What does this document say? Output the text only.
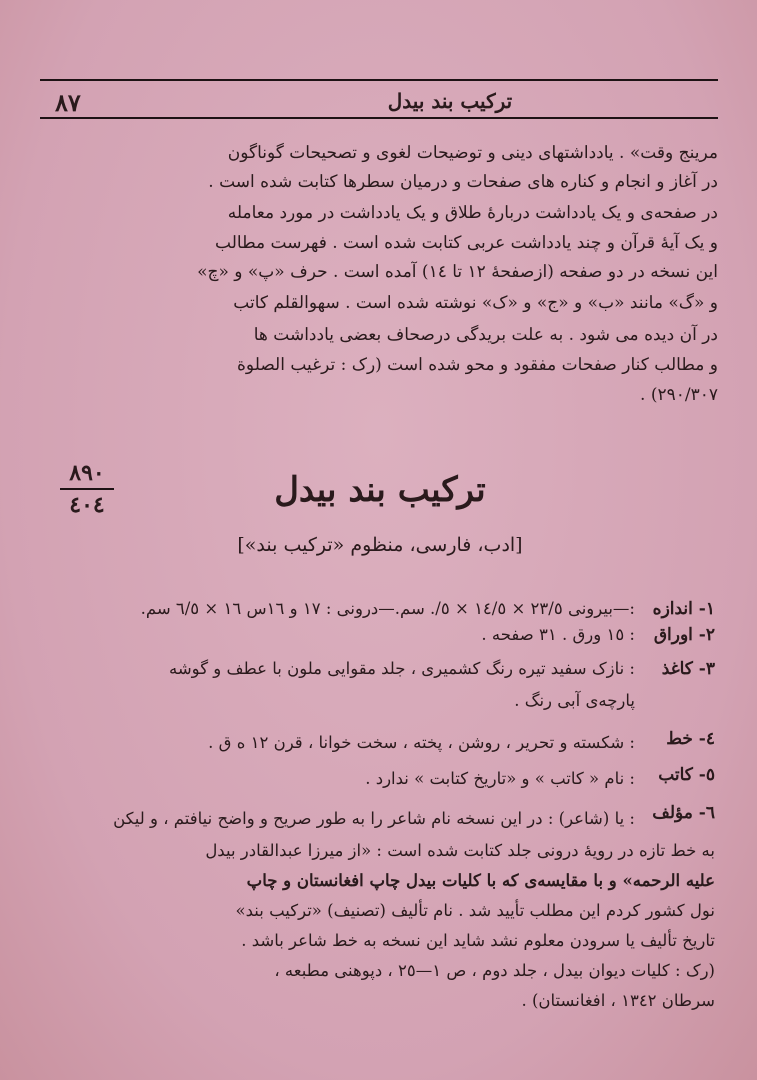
۸۷	ترکیب بند بیدل
مرینج وقت» . یادداشتهای دینی و توضیحات لغوی و تصحیحات گوناگون
در آغاز و انجام و کناره های صفحات و درمیان سطرها کتابت شده است .
در صفحه‌ی و یک یادداشت دربارهٔ طلاق و یک یادداشت در مورد معامله
و یک آیهٔ قرآن و چند یادداشت عربی کتابت شده است . فهرست مطالب
این نسخه در دو صفحه (ازصفحهٔ ۱۲ تا ۱٤) آمده است . حرف «پ» و «چ»
و «گ» مانند «ب» و «ج» و «ک» نوشته شده است . سهوالقلم کاتب
در آن دیده می شود . به علت بریدگی درصحاف بعضی یادداشت ها
و مطالب کنار صفحات مفقود و محو شده است (رک : ترغیب الصلوة
۲۹۰/۳۰۷) .
۸۹۰
٤٠٤	ترکیب بند بیدل
[ادب، فارسی، منظوم «ترکیب بند»]
۱- اندازه
:—بیرونی ۲۳/٥ × ١٤/٥ × ٥/. سم.—درونی : ۱۷ و ۱٦س ۱٦ × ٦/٥ سم.
۲- اوراق
: ۱٥ ورق . ۳۱ صفحه .
۳- کاغذ
: نازک سفید تیره رنگ کشمیری ، جلد مقوایی ملون با عطف و گوشه
پارچه‌ی آبی رنگ .
٤- خط
: شکسته و تحریر ، روشن ، پخته ، سخت خوانا ، قرن ۱۲ ه ق .
٥- کاتب
: نام « کاتب » و «تاریخ کتابت » ندارد .
٦- مؤلف
: یا (شاعر) : در این نسخه نام شاعر را به طور صریح و واضح نیافتم ، و لیکن
به خط تازه در رویهٔ درونی جلد کتابت شده است : «از میرزا عبدالقادر بیدل
علیه الرحمه» و با مقایسه‌ی که با کلیات بیدل چاپ افغانستان و چاپ
نول کشور کردم این مطلب تأیید شد . نام تألیف (تصنیف) «ترکیب بند»
تاریخ تألیف یا سرودن معلوم نشد شاید این نسخه به خط شاعر باشد .
(رک : کلیات دیوان بیدل ، جلد دوم ، ص ۱—۲٥ ، دپوهنی مطبعه ،
سرطان ۱۳٤۲ ، افغانستان) .
